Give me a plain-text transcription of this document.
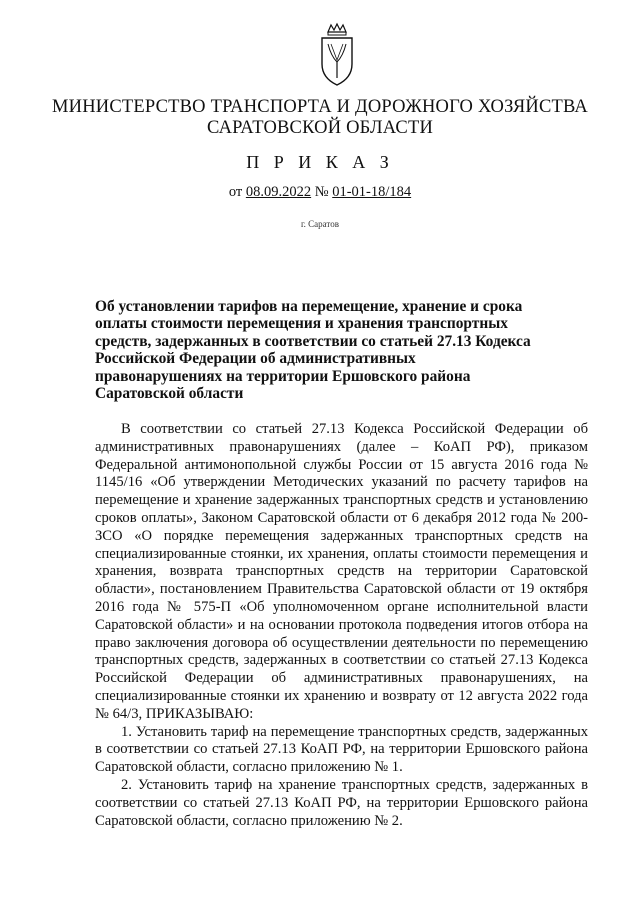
МИНИСТЕРСТВО ТРАНСПОРТА И ДОРОЖНОГО ХОЗЯЙСТВА
САРАТОВСКОЙ ОБЛАСТИ
П Р И К А З
от 08.09.2022 № 01-01-18/184
г. Саратов
Об установлении тарифов на перемещение, хранение и срока оплаты стоимости перемещения и хранения транспортных средств, задержанных в соответствии со статьей 27.13 Кодекса Российской Федерации об административных правонарушениях на территории Ершовского района Саратовской области

В соответствии со статьей 27.13 Кодекса Российской Федерации об административных правонарушениях (далее – КоАП РФ), приказом Федеральной антимонопольной службы России от 15 августа 2016 года № 1145/16 «Об утверждении Методических указаний по расчету тарифов на перемещение и хранение задержанных транспортных средств и установлению сроков оплаты», Законом Саратовской области от 6 декабря 2012 года № 200-ЗСО «О порядке перемещения задержанных транспортных средств на специализированные стоянки, их хранения, оплаты стоимости перемещения и хранения, возврата транспортных средств на территории Саратовской области», постановлением Правительства Саратовской области от 19 октября 2016 года № 575-П «Об уполномоченном органе исполнительной власти Саратовской области» и на основании протокола подведения итогов отбора на право заключения договора об осуществлении деятельности по перемещению транспортных средств, задержанных в соответствии со статьей 27.13 Кодекса Российской Федерации об административных правонарушениях, на специализированные стоянки их хранению и возврату от 12 августа 2022 года № 64/3, ПРИКАЗЫВАЮ:

1. Установить тариф на перемещение транспортных средств, задержанных в соответствии со статьей 27.13 КоАП РФ, на территории Ершовского района Саратовской области, согласно приложению № 1.

2. Установить тариф на хранение транспортных средств, задержанных в соответствии со статьей 27.13 КоАП РФ, на территории Ершовского района Саратовской области, согласно приложению № 2.
